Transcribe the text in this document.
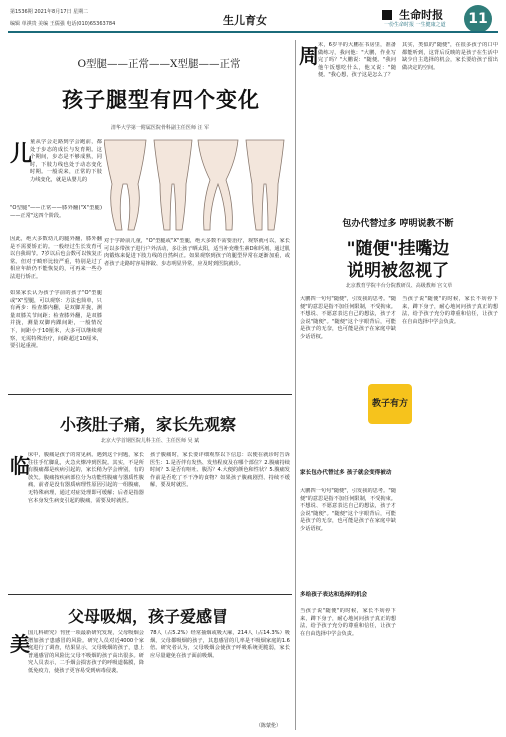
第1536期 2021年8月17日 星期二
编辑 单祺贵 美编 王儒强 电话(010)65363784	生儿育女	生命时报
一份生命时报 一生健康之道	11
O型腿——正常——X型腿——正常
孩子腿型有四个变化
清华大学第一附属医院骨科副主任医师 汪 军
儿
童从学会走路到学会跑前，都处于步态的成长与发育期。这个期间，步态是不够成熟，同时，下肢力线也处于动态变化时期。一般说来，正常的下肢力线变化，就是从婴儿的
"O型腿"——正常——膝外翻("X"型腿)——正常"这四个阶段。
因此，绝大多数幼儿的腿外翻，膝外翻是不需要矫正的。一般经过生长发育可以自我调节。7岁以后也会数可以恢复正常。但对于畸形比较严重，特别是过了相应年龄仍不能恢复的，可再来一些办法进行矫正。
如果家长认为孩子学前的孩子"O"型腿或"X"型腿，可以观察：方法也简单，只有两步：检查膝内翻，是双脚并拢，测量双膝关节间距；检查膝外翻，是双膝并拢，测量双脚内踝间距，一般情况下，间距小于10厘米，大多可以继续观察，无需特殊治疗，间距超过10厘米，要引起重视。
对于学龄前儿童，"O"型腿或"X"型腿，绝大多数不需要治疗，观察就可以，家长可以多带孩子进行户外活动，多让孩子晒太阳，适当补充维生素D和钙剂，通过肌肉锻炼来促进下肢力线的自然纠正。如果观察到孩子的腿型异常在逐渐加重，或者孩子走路时容易摔跤、步态明显异常，应及时到医院就诊。
小孩肚子痛，家长先观察
北京大学首钢医院儿科主任、主任医师 吴 斌
临
床中，腹痛是孩子的常见病。遇到这个问题，家长往往手忙脚乱，火急火燎冲到医院。其实，不是所有腹痛都是疾病引起的，家长稍为学会辨别，有的放矢。腹痛按疾病部位分为功能性腹痛与器质性腹痛，前者是没有器质病理性原因引起的一组腹痛，无特殊病理，通过对症处理即可缓解；后者是指器官本身发生病变引起的腹痛，需要及时就医。
孩子腹痛时，家长要详细观察以下信息：以便在就诊时告诉医生：1.是否伴有发热、发热程度及在哪个部位？2.腹痛持续时间？3.是否有呕吐、腹泻？4.大便的颜色和性状？5.腹痛发作前是否吃了不干净的食物？如果孩子腹痛剧烈、持续不缓解，要及时就医。
父母吸烟，孩子爱感冒
美
国儿科研究》刊登一项最新研究发现，父母吸烟会增加孩子患感冒的风险。研究人员对近4000个家庭进行了调查，结果显示，父母吸烟的孩子，患上普通感冒的风险比父母不吸烟的孩子高出很多。研究人员表示，二手烟会损害孩子的呼吸道黏膜，降低免疫力，使孩子更容易受到病毒侵袭。
78人（占5.2%）经常抽烟或吸大麻，214人（占14.3%）吸烟，父母都吸烟的孩子，其患感冒的几率是不吸烟家庭的1.6倍。研究者认为，父母吸烟会使孩子呼吸系统更脆弱，家长应尽量避免在孩子面前吸烟。
（陈蒙伦）
周 末，6岁半的大鹏在书房里，准备做练习，我问他："大鹏，作业写完了吗？"大鹏说："随便。"我问他午饭想吃什么，他又说："随便。"我心想，孩子这是怎么了？
其实，类似的"随便"，在很多孩子的口中都能听到，这背后反映的是孩子在生活中缺少自主选择的机会，家长要给孩子留出做决定的空间。
包办代替过多 哼明说教不断
"随便"挂嘴边
说明被忽视了
北京教育学院丰台分院教研员、高级教师 宫文草
大鹏四一句句"随便"，引发我的思考。"随便"的意思是指不加任何限制，不受拘束。不想说、不愿意表达自己的想法，孩子才会说"随便"。"随便"这个字眼背后，可能是孩子的无奈，也可能是孩子在家庭中缺少话语权。
当孩子说"随便"的时候，家长不妨停下来，蹲下身子，耐心地问问孩子真正的想法，给予孩子充分的尊重和信任，让孩子在自由选择中学会负责。
教子有方
家长包办代替过多 孩子就会变得被动
大鹏四一句句"随便"，引发我的思考。"随便"的意思是指不加任何限制，不受拘束。不想说、不愿意表达自己的想法，孩子才会说"随便"。"随便"这个字眼背后，可能是孩子的无奈，也可能是孩子在家庭中缺少话语权。
多给孩子表达和选择的机会
当孩子说"随便"的时候，家长不妨停下来，蹲下身子，耐心地问问孩子真正的想法，给予孩子充分的尊重和信任，让孩子在自由选择中学会负责。
